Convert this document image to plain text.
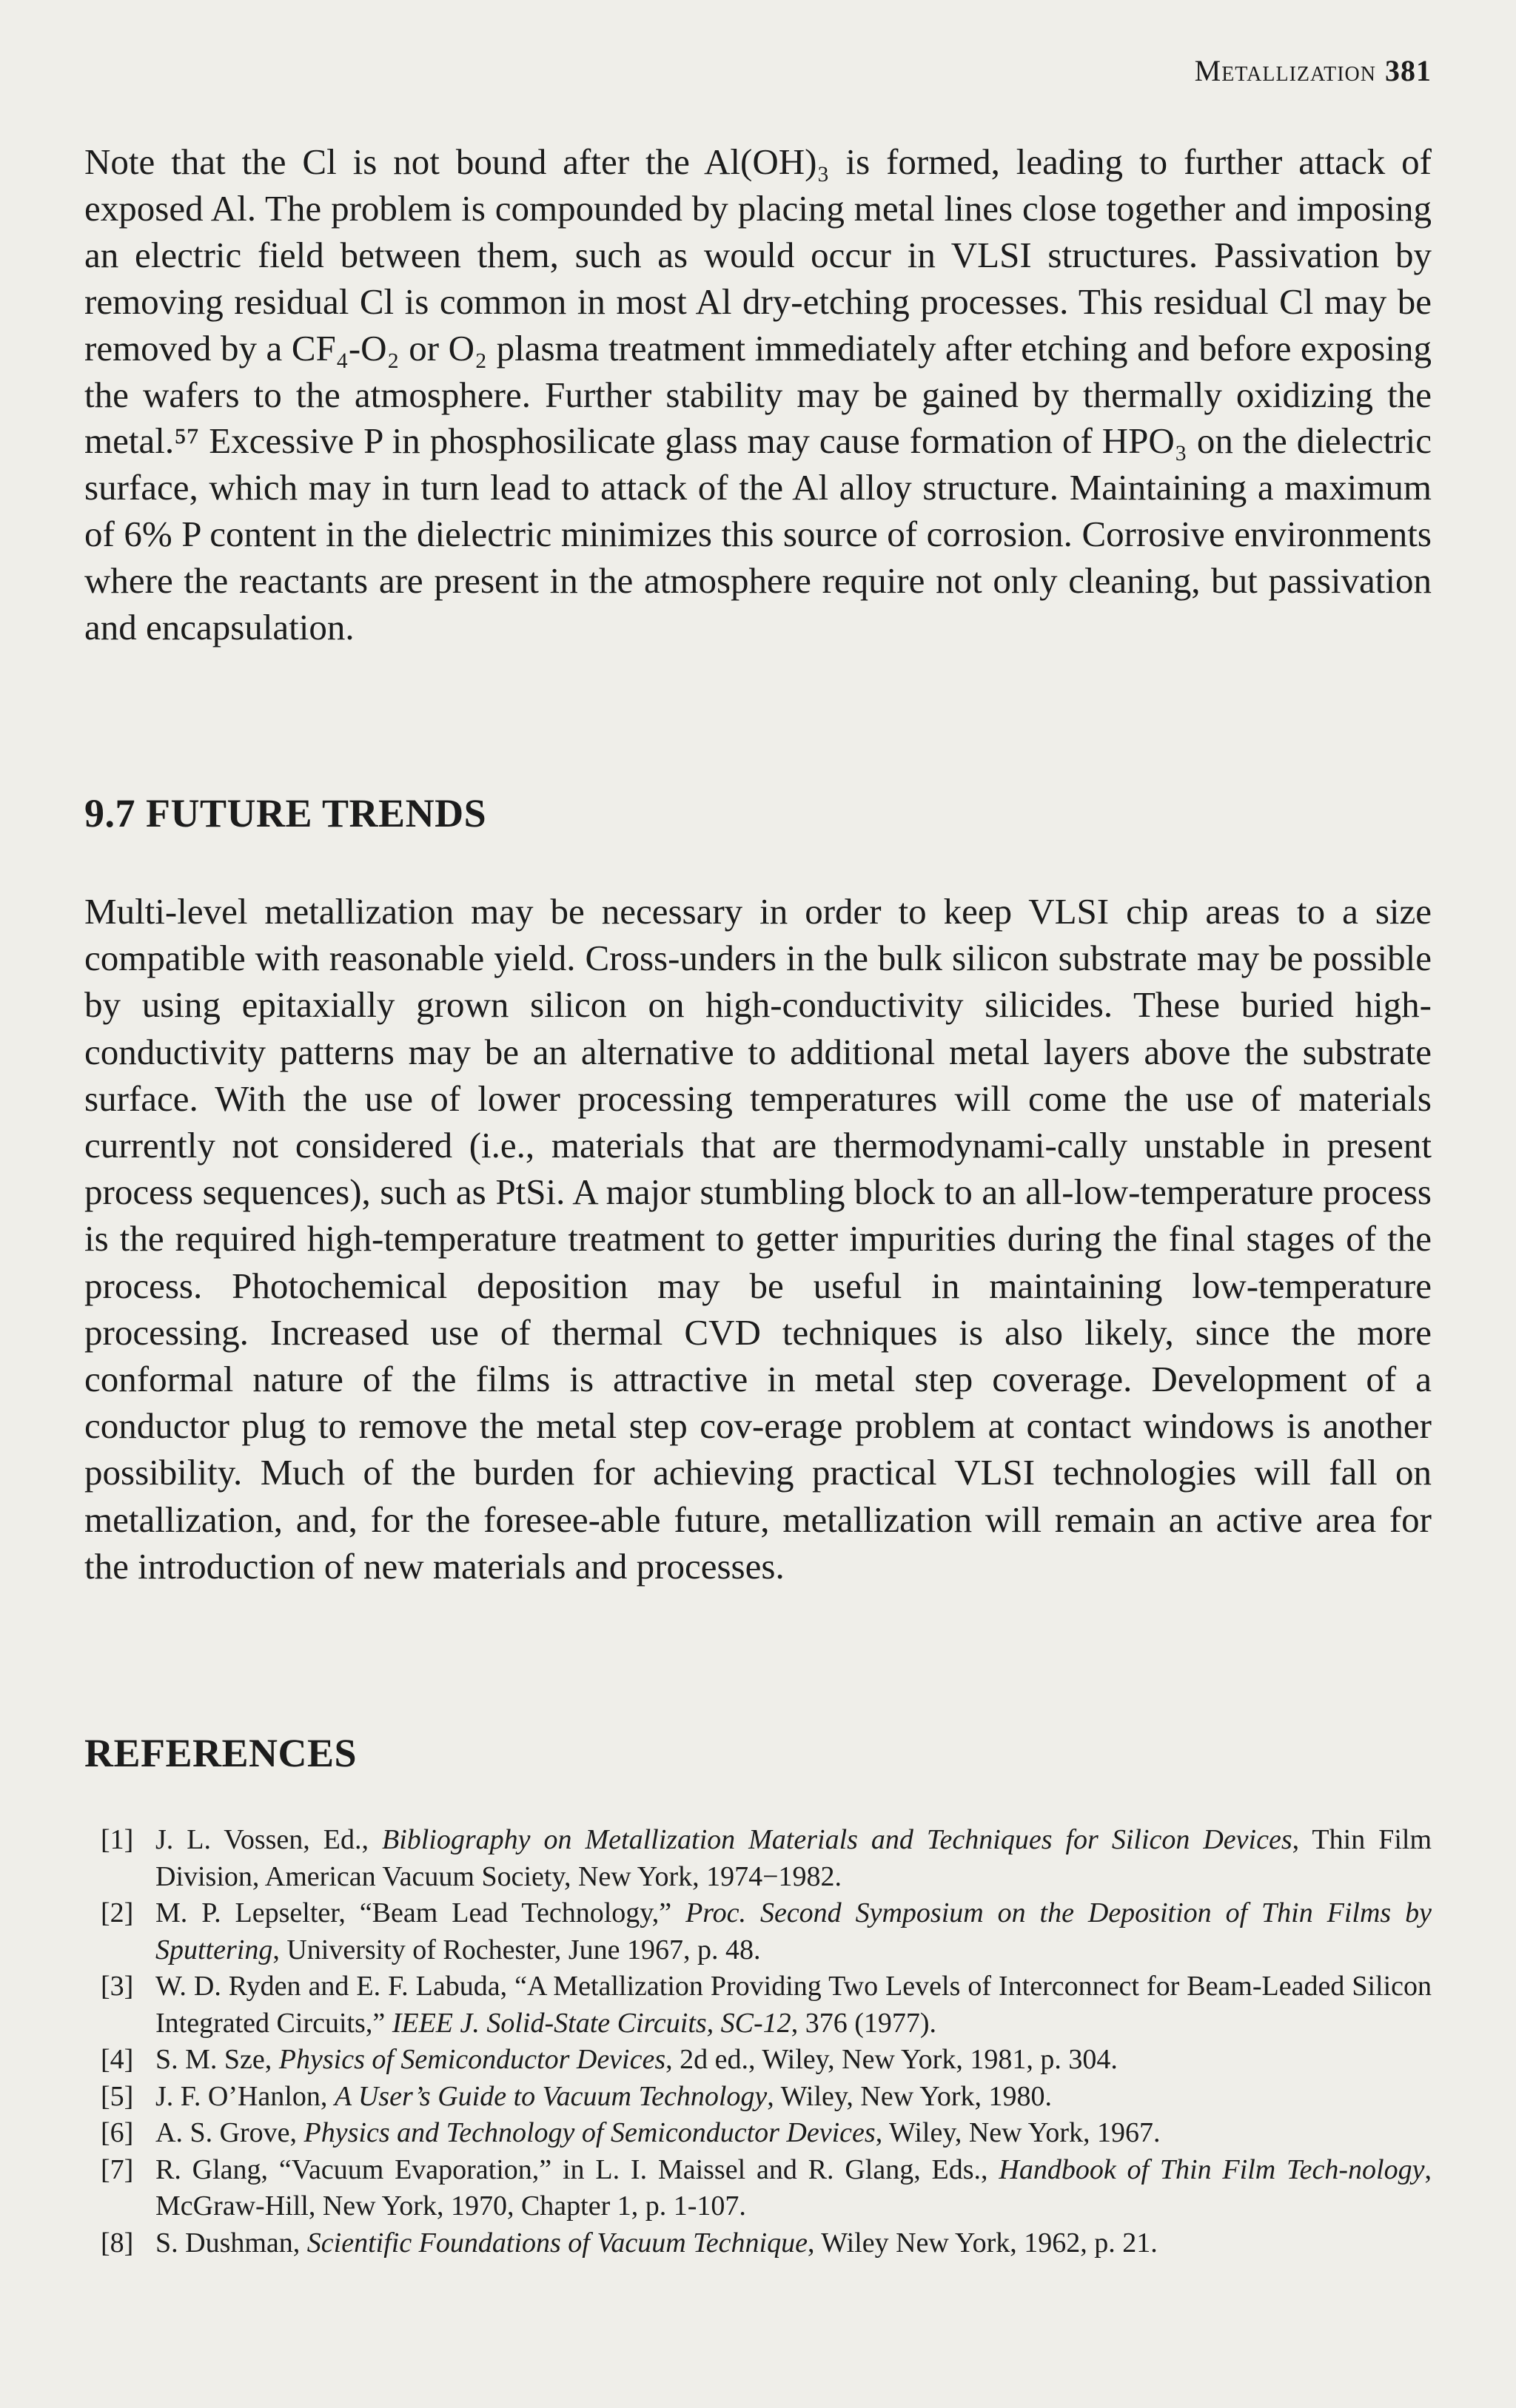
Metallization 381

Note that the Cl is not bound after the Al(OH)₃ is formed, leading to further attack of exposed Al. The problem is compounded by placing metal lines close together and imposing an electric field between them, such as would occur in VLSI structures. Passivation by removing residual Cl is common in most Al dry-etching processes. This residual Cl may be removed by a CF₄-O₂ or O₂ plasma treatment immediately after etching and before exposing the wafers to the atmosphere. Further stability may be gained by thermally oxidizing the metal.⁵⁷ Excessive P in phosphosilicate glass may cause formation of HPO₃ on the dielectric surface, which may in turn lead to attack of the Al alloy structure. Maintaining a maximum of 6% P content in the dielectric minimizes this source of corrosion. Corrosive environments where the reactants are present in the atmosphere require not only cleaning, but passivation and encapsulation.

9.7 FUTURE TRENDS

Multi-level metallization may be necessary in order to keep VLSI chip areas to a size compatible with reasonable yield. Cross-unders in the bulk silicon substrate may be possible by using epitaxially grown silicon on high-conductivity silicides. These buried high-conductivity patterns may be an alternative to additional metal layers above the substrate surface. With the use of lower processing temperatures will come the use of materials currently not considered (i.e., materials that are thermodynami-cally unstable in present process sequences), such as PtSi. A major stumbling block to an all-low-temperature process is the required high-temperature treatment to getter impurities during the final stages of the process. Photochemical deposition may be useful in maintaining low-temperature processing. Increased use of thermal CVD techniques is also likely, since the more conformal nature of the films is attractive in metal step coverage. Development of a conductor plug to remove the metal step cov-erage problem at contact windows is another possibility. Much of the burden for achieving practical VLSI technologies will fall on metallization, and, for the foresee-able future, metallization will remain an active area for the introduction of new materials and processes.

REFERENCES
[1] J. L. Vossen, Ed., Bibliography on Metallization Materials and Techniques for Silicon Devices, Thin Film Division, American Vacuum Society, New York, 1974−1982.
[2] M. P. Lepselter, “Beam Lead Technology,” Proc. Second Symposium on the Deposition of Thin Films by Sputtering, University of Rochester, June 1967, p. 48.
[3] W. D. Ryden and E. F. Labuda, “A Metallization Providing Two Levels of Interconnect for Beam-Leaded Silicon Integrated Circuits,” IEEE J. Solid-State Circuits, SC-12, 376 (1977).
[4] S. M. Sze, Physics of Semiconductor Devices, 2d ed., Wiley, New York, 1981, p. 304.
[5] J. F. O’Hanlon, A User’s Guide to Vacuum Technology, Wiley, New York, 1980.
[6] A. S. Grove, Physics and Technology of Semiconductor Devices, Wiley, New York, 1967.
[7] R. Glang, “Vacuum Evaporation,” in L. I. Maissel and R. Glang, Eds., Handbook of Thin Film Tech-nology, McGraw-Hill, New York, 1970, Chapter 1, p. 1-107.
[8] S. Dushman, Scientific Foundations of Vacuum Technique, Wiley New York, 1962, p. 21.
